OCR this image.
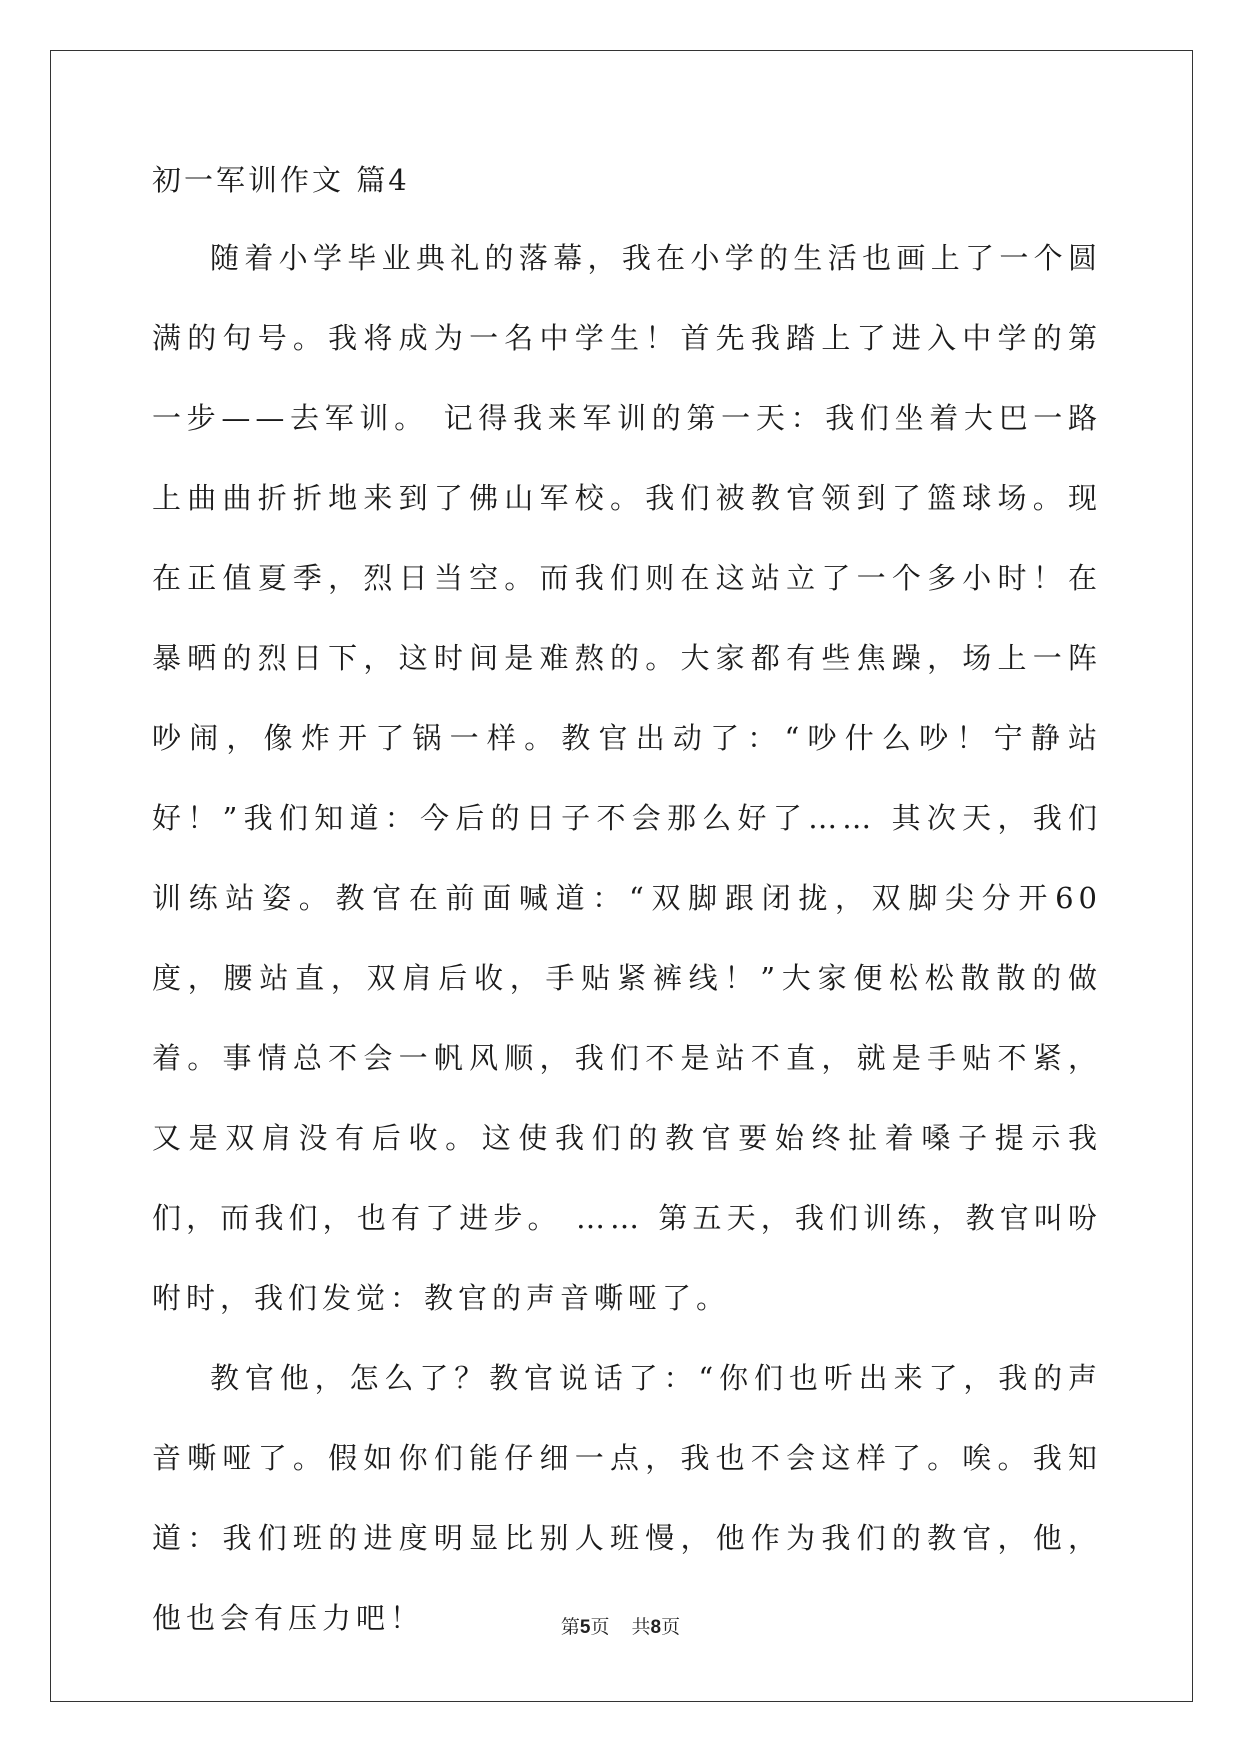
初一军训作文 篇4

随着小学毕业典礼的落幕，我在小学的生活也画上了一个圆满的句号。我将成为一名中学生！首先我踏上了进入中学的第一步——去军训。 记得我来军训的第一天：我们坐着大巴一路上曲曲折折地来到了佛山军校。我们被教官领到了篮球场。现在正值夏季，烈日当空。而我们则在这站立了一个多小时！在暴晒的烈日下，这时间是难熬的。大家都有些焦躁，场上一阵吵闹，像炸开了锅一样。教官出动了：“吵什么吵！宁静站好！”我们知道：今后的日子不会那么好了…… 其次天，我们训练站姿。教官在前面喊道：“双脚跟闭拢，双脚尖分开60度，腰站直，双肩后收，手贴紧裤线！”大家便松松散散的做着。事情总不会一帆风顺，我们不是站不直，就是手贴不紧，又是双肩没有后收。这使我们的教官要始终扯着嗓子提示我们，而我们，也有了进步。 …… 第五天，我们训练，教官叫吩咐时，我们发觉：教官的声音嘶哑了。

教官他，怎么了？教官说话了：“你们也听出来了，我的声音嘶哑了。假如你们能仔细一点，我也不会这样了。唉。我知道：我们班的进度明显比别人班慢，他作为我们的教官，他，他也会有压力吧！	第5页 共8页
